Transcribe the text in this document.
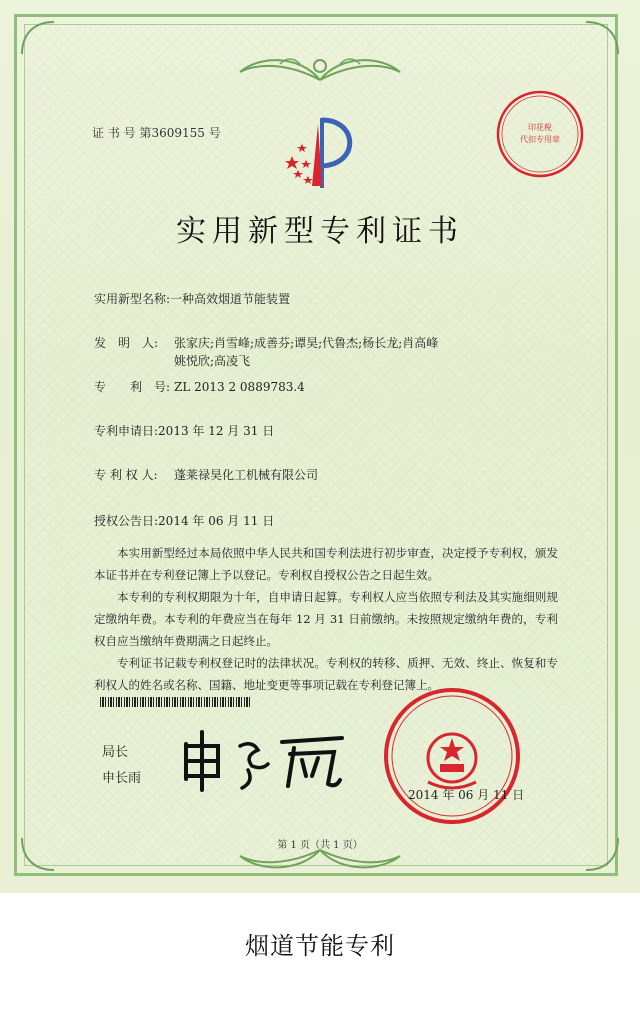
证 书 号 第3609155 号	印花税
代扣专用章
实用新型专利证书
实用新型名称:一种高效烟道节能装置
发　明　人: 张家庆;肖雪峰;成善芬;谭昊;代鲁杰;杨长龙;肖高峰
姚悦欣;高凌飞
专　　利　号: ZL 2013 2 0889783.4
专利申请日:2013 年 12 月 31 日
专 利 权 人: 蓬莱禄昊化工机械有限公司
授权公告日:2014 年 06 月 11 日

本实用新型经过本局依照中华人民共和国专利法进行初步审查，决定授予专利权，颁发本证书并在专利登记簿上予以登记。专利权自授权公告之日起生效。

本专利的专利权期限为十年，自申请日起算。专利权人应当依照专利法及其实施细则规定缴纳年费。本专利的年费应当在每年 12 月 31 日前缴纳。未按照规定缴纳年费的，专利权自应当缴纳年费期满之日起终止。

专利证书记载专利权登记时的法律状况。专利权的转移、质押、无效、终止、恢复和专利权人的姓名或名称、国籍、地址变更等事项记载在专利登记簿上。

局长
申长雨
2014 年 06 月 11 日
第 1 页（共 1 页）
烟道节能专利
